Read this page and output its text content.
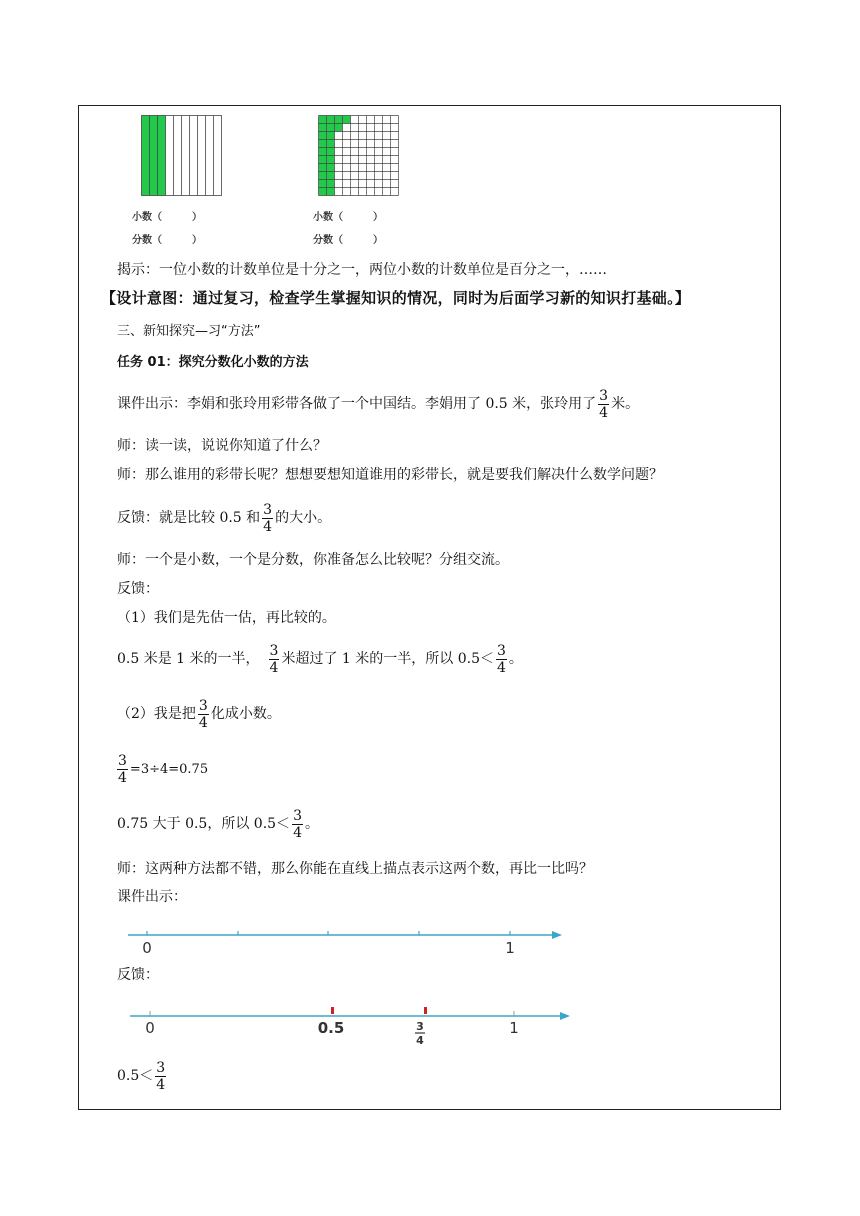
小数（　　　）
分数（　　　）
小数（　　　）
分数（　　　）
揭示：一位小数的计数单位是十分之一，两位小数的计数单位是百分之一，……
【设计意图：通过复习，检查学生掌握知识的情况，同时为后面学习新的知识打基础。】
三、新知探究—习“方法”
任务 01：探究分数化小数的方法
课件出示：李娟和张玲用彩带各做了一个中国结。李娟用了 0.5 米，张玲用了 $\frac{3}{4}$ 米。
师：读一读，说说你知道了什么？
师：那么谁用的彩带长呢？想想要想知道谁用的彩带长，就是要我们解决什么数学问题？
反馈：就是比较 0.5 和 $\frac{3}{4}$ 的大小。
师：一个是小数，一个是分数，你准备怎么比较呢？分组交流。
反馈：
（1）我们是先估一估，再比较的。
0.5 米是 1 米的一半，  $\frac{3}{4}$ 米超过了 1 米的一半，所以 $0.5< \frac{3}{4}$ 。
（2）我是把 $\frac{3}{4}$ 化成小数。
$\frac{3}{4} =3\div 4=0.75$
0.75 大于 0.5，所以 $0.5< \frac{3}{4}$ 。
师：这两种方法都不错，那么你能在直线上描点表示这两个数，再比一比吗？
课件出示：
0	1
反馈：
0	0.5	3
4
1
$0.5< \frac{3}{4}$
